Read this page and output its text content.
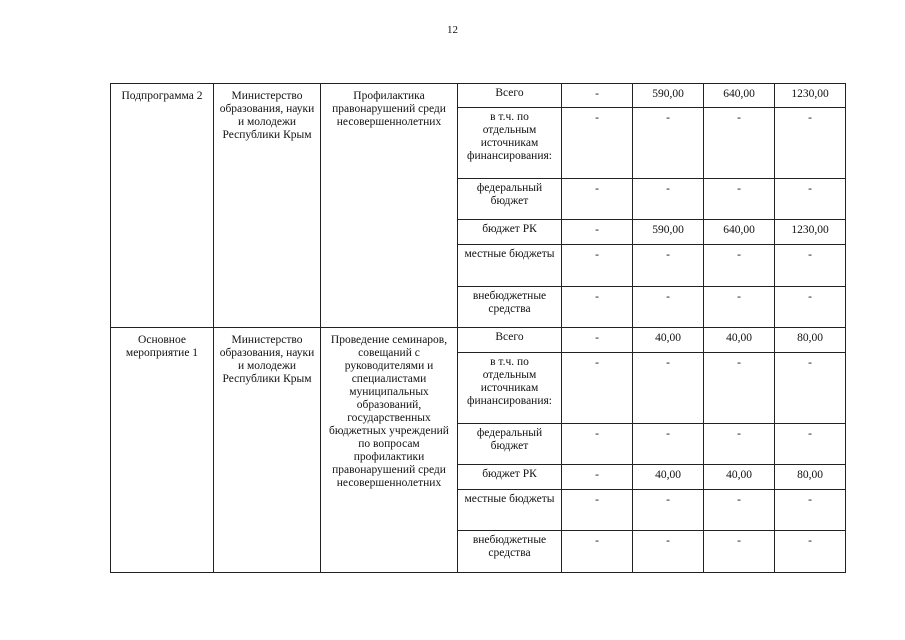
12
Подпрограмма 2	Министерство образования, науки и молодежи Республики Крым	Профилактика правонарушений среди несовершеннолетних	Всего	-	590,00	640,00	1230,00
			в т.ч. по отдельным источникам финансирования:	-	-	-	-
			федеральный бюджет	-	-	-	-
			бюджет РК	-	590,00	640,00	1230,00
			местные бюджеты	-	-	-	-
			внебюджетные средства	-	-	-	-
Основное мероприятие 1	Министерство образования, науки и молодежи Республики Крым	Проведение семинаров, совещаний с руководителями и специалистами муниципальных образований, государственных бюджетных учреждений по вопросам профилактики правонарушений среди несовершеннолетних	Всего	-	40,00	40,00	80,00
			в т.ч. по отдельным источникам финансирования:	-	-	-	-
			федеральный бюджет	-	-	-	-
			бюджет РК	-	40,00	40,00	80,00
			местные бюджеты	-	-	-	-
			внебюджетные средства	-	-	-	-
